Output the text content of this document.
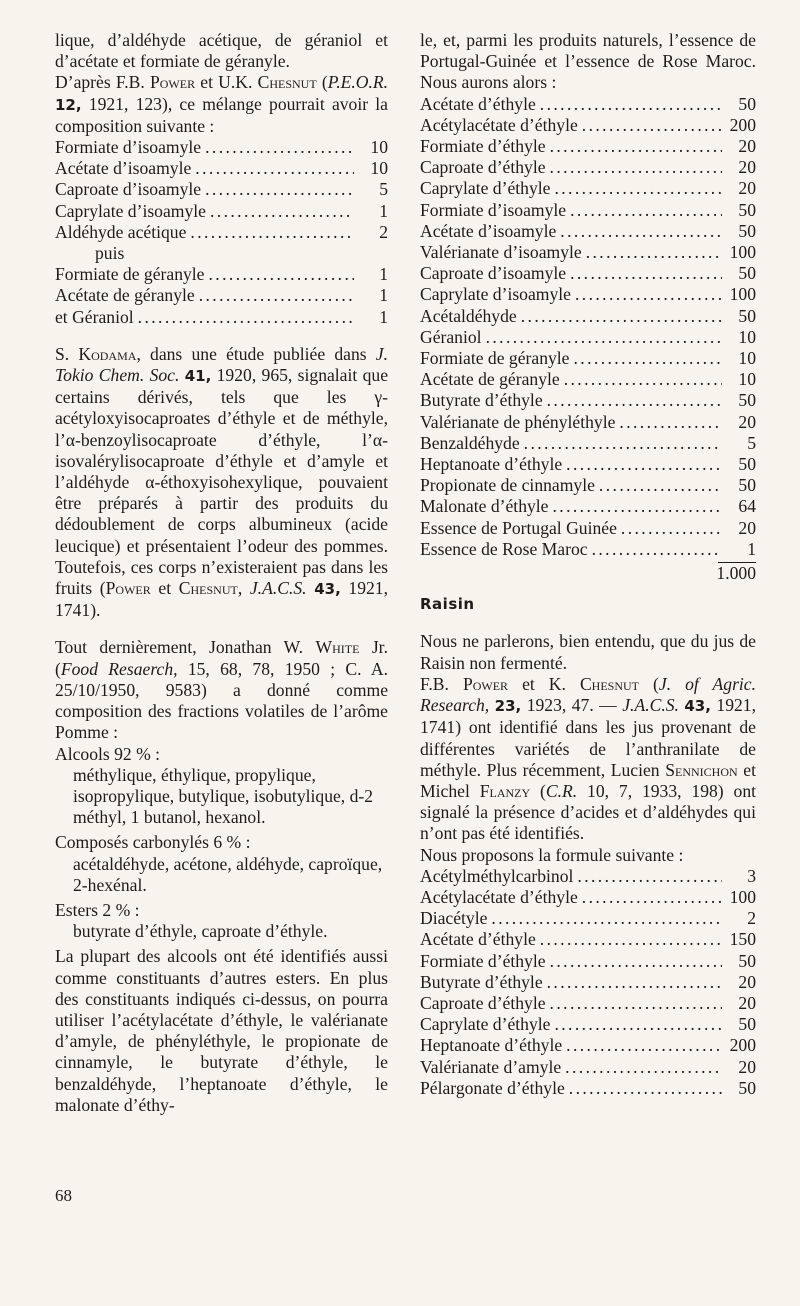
lique, d’aldéhyde acétique, de géraniol et d’acétate et formiate de géranyle.

D’après F.B. Power et U.K. Chesnut (P.E.O.R. 12, 1921, 123), ce mélange pourrait avoir la composition suivante :

Formiate d’isoamyle . . .	10
Acétate d’isoamyle . . .	10
Caproate d’isoamyle . . .	5
Caprylate d’isoamyle . . .	1
Aldéhyde acétique . . .	2
puis
Formiate de géranyle . . .	1
Acétate de géranyle . . .	1
et Géraniol . . .	1

S. Kodama, dans une étude publiée dans J. Tokio Chem. Soc. 41, 1920, 965, signalait que certains dérivés, tels que les γ-acétyloxyisocaproates d’éthyle et de méthyle, l’α-benzoylisocaproate d’éthyle, l’α-isovalérylisocaproate d’éthyle et d’amyle et l’aldéhyde α-éthoxyisohexylique, pouvaient être préparés à partir des produits du dédoublement de corps albumineux (acide leucique) et présentaient l’odeur des pommes. Toutefois, ces corps n’existeraient pas dans les fruits (Power et Chesnut, J.A.C.S. 43, 1921, 1741).

Tout dernièrement, Jonathan W. White Jr. (Food Resaerch, 15, 68, 78, 1950 ; C. A. 25/10/1950, 9583) a donné comme composition des fractions volatiles de l’arôme Pomme :

Alcools 92 % :

méthylique, éthylique, propylique, isopropylique, butylique, isobutylique, d-2 méthyl, 1 butanol, hexanol.

Composés carbonylés 6 % :

acétaldéhyde, acétone, aldéhyde, caproïque, 2-hexénal.

Esters 2 % :

butyrate d’éthyle, caproate d’éthyle.

La plupart des alcools ont été identifiés aussi comme constituants d’autres esters. En plus des constituants indiqués ci-dessus, on pourra utiliser l’acétylacétate d’éthyle, le valérianate d’amyle, de phényléthyle, le propionate de cinnamyle, le butyrate d’éthyle, le benzaldéhyde, l’heptanoate d’éthyle, le malonate d’éthy-

le, et, parmi les produits naturels, l’essence de Portugal-Guinée et l’essence de Rose Maroc. Nous aurons alors :

Acétate d’éthyle . . .	50
Acétylacétate d’éthyle . . .	200
Formiate d’éthyle . . .	20
Caproate d’éthyle . . .	20
Caprylate d’éthyle . . .	20
Formiate d’isoamyle . . .	50
Acétate d’isoamyle . . .	50
Valérianate d’isoamyle . . .	100
Caproate d’isoamyle . . .	50
Caprylate d’isoamyle . . .	100
Acétaldéhyde . . .	50
Géraniol . . .	10
Formiate de géranyle . . .	10
Acétate de géranyle . . .	10
Butyrate d’éthyle . . .	50
Valérianate de phényléthyle . . .	20
Benzaldéhyde . . .	5
Heptanoate d’éthyle . . .	50
Propionate de cinnamyle . . .	50
Malonate d’éthyle . . .	64
Essence de Portugal Guinée . . .	20
Essence de Rose Maroc . . .	1
1.000
Raisin

Nous ne parlerons, bien entendu, que du jus de Raisin non fermenté.

F.B. Power et K. Chesnut (J. of Agric. Research, 23, 1923, 47. — J.A.C.S. 43, 1921, 1741) ont identifié dans les jus provenant de différentes variétés de l’anthranilate de méthyle. Plus récemment, Lucien Sennichon et Michel Flanzy (C.R. 10, 7, 1933, 198) ont signalé la présence d’acides et d’aldéhydes qui n’ont pas été identifiés.

Nous proposons la formule suivante :

Acétylméthylcarbinol . . .	3
Acétylacétate d’éthyle . . .	100
Diacétyle . . .	2
Acétate d’éthyle . . .	150
Formiate d’éthyle . . .	50
Butyrate d’éthyle . . .	20
Caproate d’éthyle . . .	20
Caprylate d’éthyle . . .	50
Heptanoate d’éthyle . . .	200
Valérianate d’amyle . . .	20
Pélargonate d’éthyle . . .	50
68
